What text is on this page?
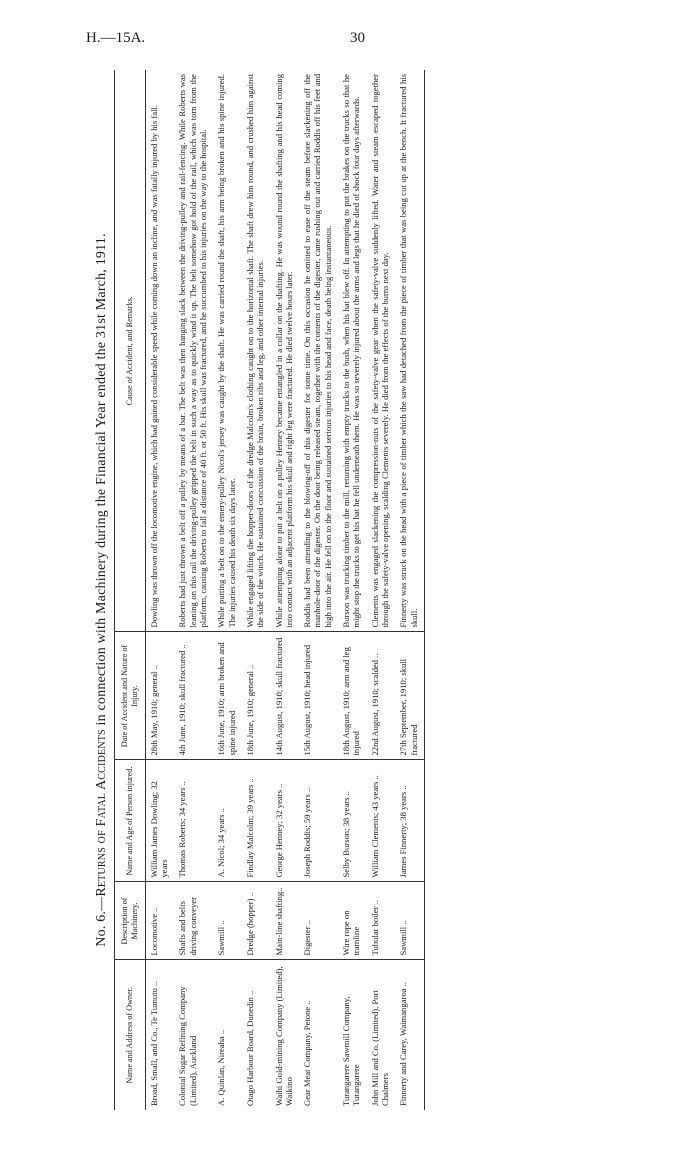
H.—15A.	30
No. 6.—Returns of Fatal Accidents in connection with Machinery during the Financial Year ended the 31st March, 1911.
Name and Address of Owner.	Description of Machinery.	Name and Age of Person injured.	Date of Accident and Nature of Injury.	Cause of Accident, and Remarks.
Broad, Small, and Co., Te Tumutu ..	Locomotive ..	William James Dowling; 32 years	28th May, 1910; general ..	Dowling was thrown off the locomotive engine, which had gained considerable speed while coming down an incline, and was fatally injured by his fall.
Colonial Sugar Refining Company (Limited), Auckland	Shafts and belts driving conveyer	Thomas Roberts; 34 years ..	4th June, 1910; skull fractured ..	Roberts had just thrown a belt off a pulley by means of a bar. The belt was then hanging slack between the driving-pulley and rail-fencing. While Roberts was leaning on this rail the driving-pulley gripped the belt in such a way as to quickly wind it up. The belt somehow got hold of the rail, which was torn from the platform, causing Roberts to fall a distance of 40 ft. or 50 ft. His skull was fractured, and he succumbed to his injuries on the way to the hospital.
A. Quinlan, Nireaha ..	Sawmill ..	A. Nicol; 34 years ..	16th June, 1910; arm broken and spine injured	While putting a belt on to the emery-pulley Nicol's jersey was caught by the shaft. He was carried round the shaft, his arm being broken and his spine injured. The injuries caused his death six days later.
Otago Harbour Board, Dunedin ..	Dredge (hopper) ..	Findlay Malcolm; 39 years ..	18th June, 1910; general ..	While engaged lifting the hopper-doors of the dredge Malcolm's clothing caught on to the horizontal shaft. The shaft drew him round, and crushed him against the side of the winch. He sustained concussion of the brain, broken ribs and leg, and other internal injuries.
Waihi Gold-mining Company (Limited), Waikino	Main-line shafting..	George Henney; 32 years ..	14th August, 1910; skull fractured	While attempting alone to put a belt on a pulley Henney became entangled in a collar on the shafting. He was wound round the shafting and his head coming into contact with an adjacent platform his skull and right leg were fractured. He died twelve hours later.
Gear Meat Company, Petone ..	Digester ..	Joseph Roddis; 59 years ..	15th August, 1910; head injured	Roddis had been attending to the blowing-off of this digester for some time. On this occasion he omitted to ease off the steam before slackening off the manhole-door of the digester. On the door being released steam, together with the contents of the digester, came rushing out and carried Roddis off his feet and high into the air. He fell on to the floor and sustained serious injuries to his head and face, death being instantaneous.
Turangarere Sawmill Company, Turangarere	Wire rope on tramline	Selby Burson; 38 years ..	18th August, 1910; arm and leg injured	Burson was trucking timber to the mill, returning with empty trucks to the bush, when his hat blew off. In attempting to put the brakes on the trucks so that he might stop the trucks to get his hat he fell underneath them. He was so severely injured about the arms and legs that he died of shock four days afterwards.
John Mill and Co. (Limited), Port Chalmers	Tubular boiler ..	William Clements; 43 years ..	22nd August, 1910; scalded ..	Clements was engaged slackening the compression-nuts of the safety-valve gear when the safety-valve suddenly lifted. Water and steam escaped together through the safety-valve opening, scalding Clements severely. He died from the effects of the burns next day.
Finnerty and Carey, Waimangaroa ..	Sawmill ..	James Finnerty; 38 years ..	27th September, 1910; skull fractured	Finnerty was struck on the head with a piece of timber which the saw had detached from the piece of timber that was being cut up at the bench. It fractured his skull.
